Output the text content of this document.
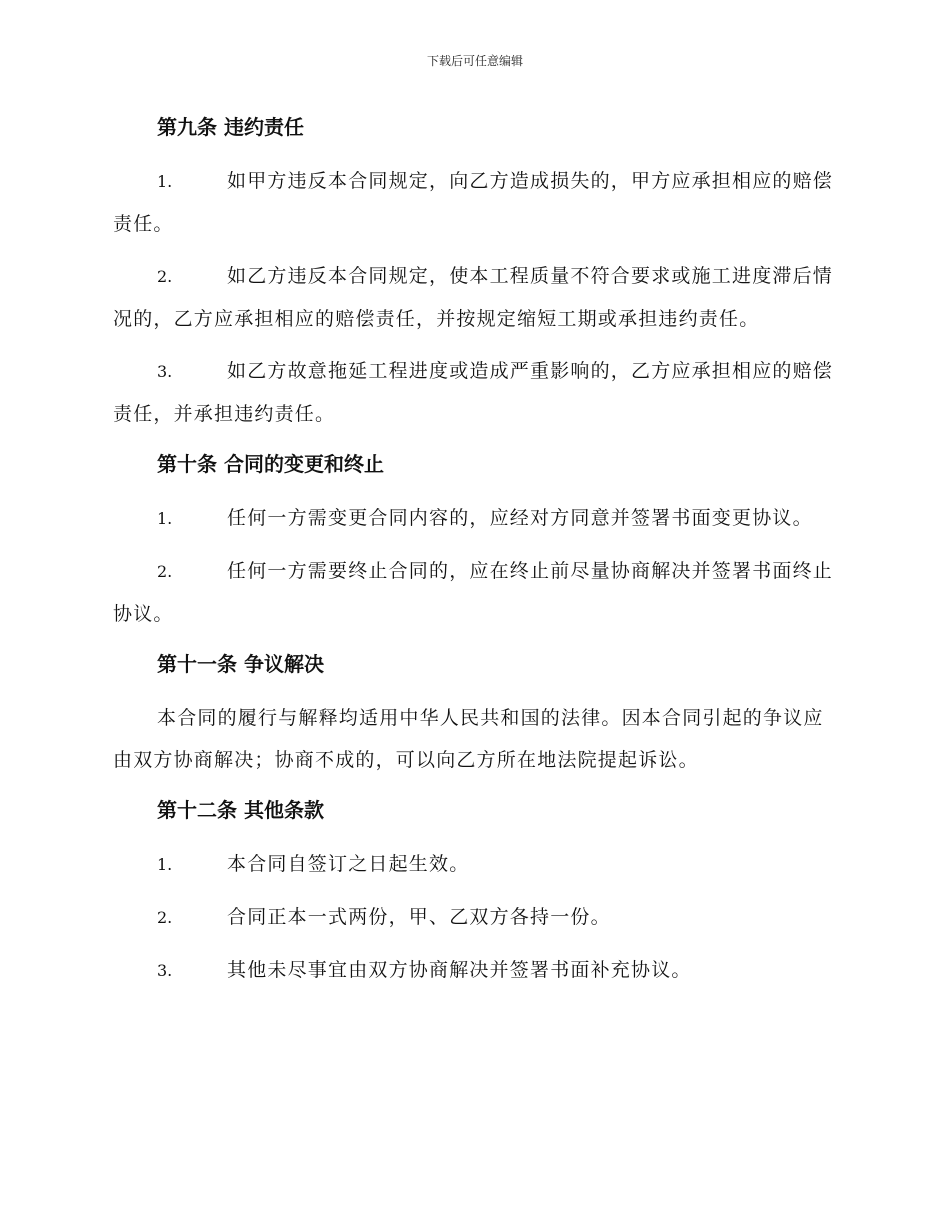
下载后可任意编辑
第九条 违约责任
1.	如甲方违反本合同规定，向乙方造成损失的，甲方应承担相应的赔偿责任。
2.	如乙方违反本合同规定，使本工程质量不符合要求或施工进度滞后情况的，乙方应承担相应的赔偿责任，并按规定缩短工期或承担违约责任。
3.	如乙方故意拖延工程进度或造成严重影响的，乙方应承担相应的赔偿责任，并承担违约责任。
第十条 合同的变更和终止
1.	任何一方需变更合同内容的，应经对方同意并签署书面变更协议。
2.	任何一方需要终止合同的，应在终止前尽量协商解决并签署书面终止协议。
第十一条 争议解决
本合同的履行与解释均适用中华人民共和国的法律。因本合同引起的争议应由双方协商解决；协商不成的，可以向乙方所在地法院提起诉讼。
第十二条 其他条款
1.	本合同自签订之日起生效。
2.	合同正本一式两份，甲、乙双方各持一份。
3.	其他未尽事宜由双方协商解决并签署书面补充协议。
